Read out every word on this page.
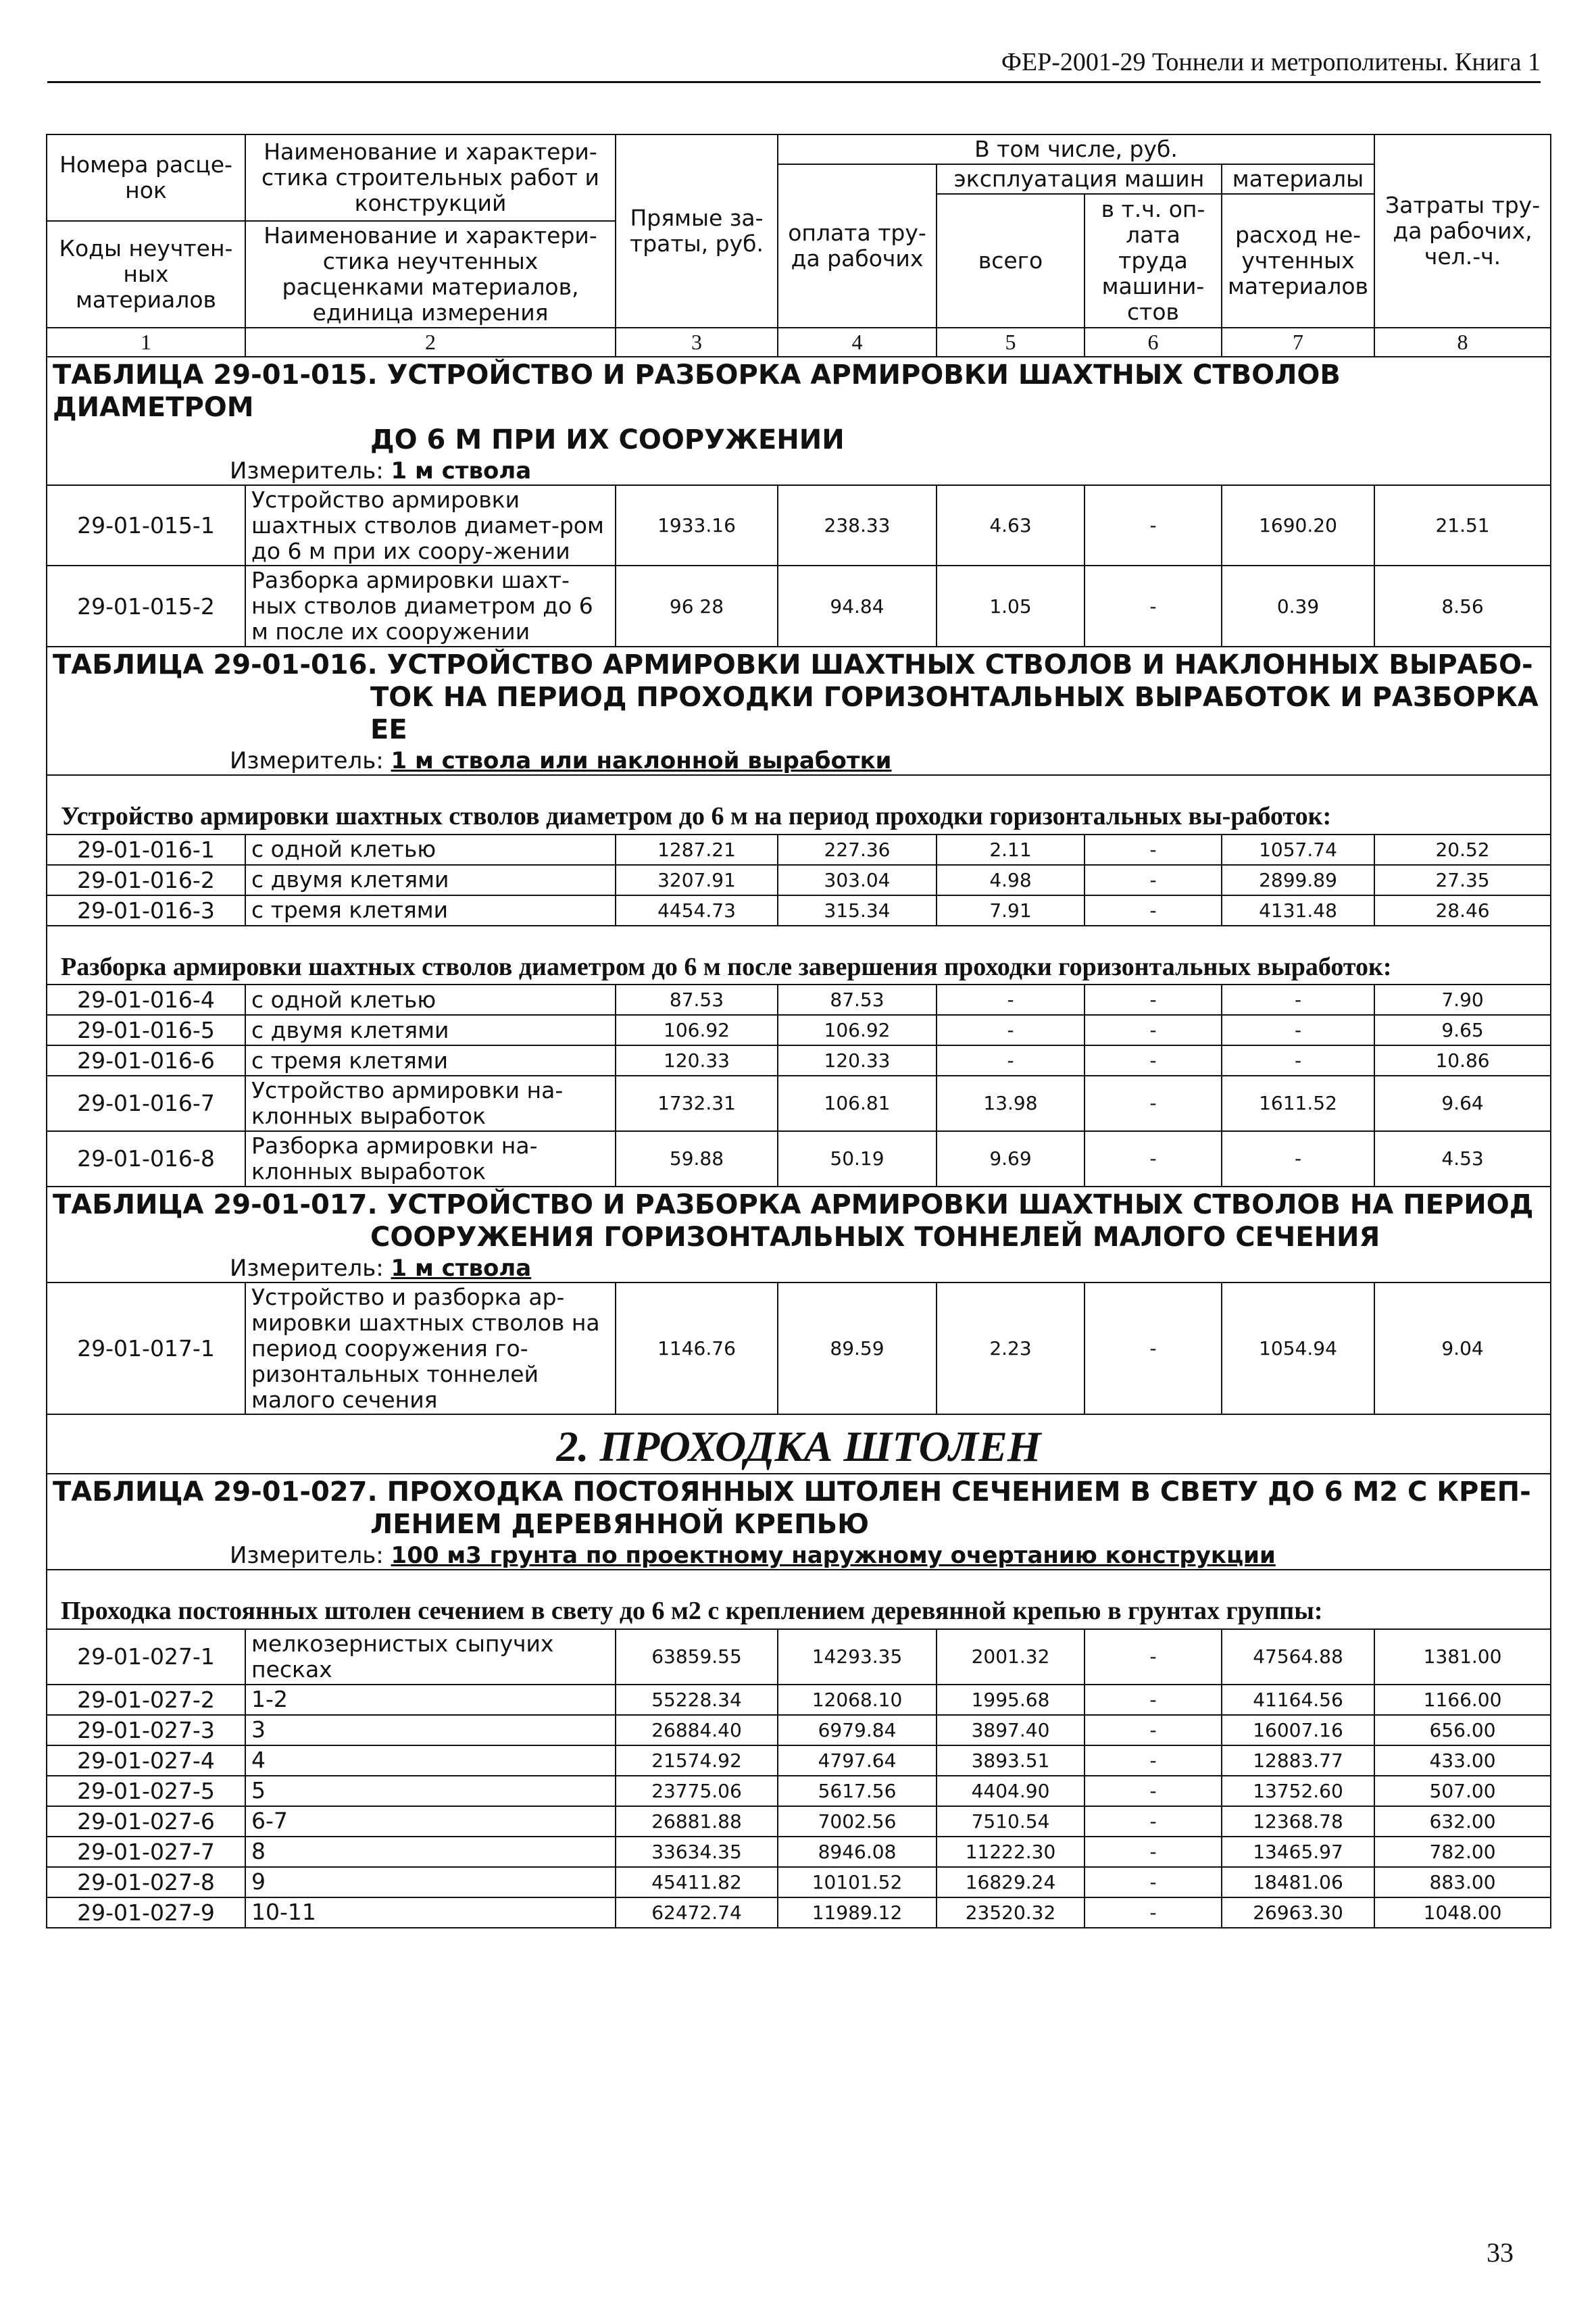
ФЕР-2001-29 Тоннели и метрополитены. Книга 1
Номера расце-нок	Наименование и характери-стика строительных работ и конструкций	Прямые за-траты, руб.	В том числе, руб.				Затраты тру-да рабочих, чел.-ч.
			оплата тру-да рабочих	эксплуатация машин		материалы	
				всего	в т.ч. оп-лата труда машини-стов	расход не-учтенных материалов	
Коды неучтен-ных материалов	Наименование и характери-стика неучтенных расценками материалов, единица измерения						

1	2	3	4	5	6	7	8
ТАБЛИЦА 29-01-015. УСТРОЙСТВО И РАЗБОРКА АРМИРОВКИ ШАХТНЫХ СТВОЛОВ ДИАМЕТРОМ
ДО 6 М ПРИ ИХ СООРУЖЕНИИ							

Измеритель: 1 м ствола							
29-01-015-1	Устройство армировки шахтных стволов диамет-ром до 6 м при их соору-жении	1933.16	238.33	4.63	-	1690.20	21.51
29-01-015-2	Разборка армировки шахт-ных стволов диаметром до 6 м после их сооружении	96 28	94.84	1.05	-	0.39	8.56
ТАБЛИЦА 29-01-016. УСТРОЙСТВО АРМИРОВКИ ШАХТНЫХ СТВОЛОВ И НАКЛОННЫХ ВЫРАБО-
ТОК НА ПЕРИОД ПРОХОДКИ ГОРИЗОНТАЛЬНЫХ ВЫРАБОТОК И РАЗБОРКА ЕЕ							

Измеритель: 1 м ствола или наклонной выработки							
Устройство армировки шахтных стволов диаметром до 6 м на период проходки горизонтальных вы-работок:							
29-01-016-1	с одной клетью	1287.21	227.36	2.11	-	1057.74	20.52
29-01-016-2	с двумя клетями	3207.91	303.04	4.98	-	2899.89	27.35
29-01-016-3	с тремя клетями	4454.73	315.34	7.91	-	4131.48	28.46
Разборка армировки шахтных стволов диаметром до 6 м после завершения проходки горизонтальных выработок:							
29-01-016-4	с одной клетью	87.53	87.53	-	-	-	7.90
29-01-016-5	с двумя клетями	106.92	106.92	-	-	-	9.65
29-01-016-6	с тремя клетями	120.33	120.33	-	-	-	10.86
29-01-016-7	Устройство армировки на-клонных выработок	1732.31	106.81	13.98	-	1611.52	9.64
29-01-016-8	Разборка армировки на-клонных выработок	59.88	50.19	9.69	-	-	4.53
ТАБЛИЦА 29-01-017. УСТРОЙСТВО И РАЗБОРКА АРМИРОВКИ ШАХТНЫХ СТВОЛОВ НА ПЕРИОД
СООРУЖЕНИЯ ГОРИЗОНТАЛЬНЫХ ТОННЕЛЕЙ МАЛОГО СЕЧЕНИЯ							

Измеритель: 1 м ствола							
29-01-017-1	Устройство и разборка ар-мировки шахтных стволов на период сооружения го-ризонтальных тоннелей малого сечения	1146.76	89.59	2.23	-	1054.94	9.04
2. ПРОХОДКА ШТОЛЕН							
ТАБЛИЦА 29-01-027. ПРОХОДКА ПОСТОЯННЫХ ШТОЛЕН СЕЧЕНИЕМ В СВЕТУ ДО 6 М2 С КРЕП-
ЛЕНИЕМ ДЕРЕВЯННОЙ КРЕПЬЮ							

Измеритель: 100 м3 грунта по проектному наружному очертанию конструкции							
Проходка постоянных штолен сечением в свету до 6 м2 с креплением деревянной крепью в грунтах группы:							
29-01-027-1	мелкозернистых сыпучих песках	63859.55	14293.35	2001.32	-	47564.88	1381.00
29-01-027-2	1-2	55228.34	12068.10	1995.68	-	41164.56	1166.00
29-01-027-3	3	26884.40	6979.84	3897.40	-	16007.16	656.00
29-01-027-4	4	21574.92	4797.64	3893.51	-	12883.77	433.00
29-01-027-5	5	23775.06	5617.56	4404.90	-	13752.60	507.00
29-01-027-6	6-7	26881.88	7002.56	7510.54	-	12368.78	632.00
29-01-027-7	8	33634.35	8946.08	11222.30	-	13465.97	782.00
29-01-027-8	9	45411.82	10101.52	16829.24	-	18481.06	883.00
29-01-027-9	10-11	62472.74	11989.12	23520.32	-	26963.30	1048.00
33
